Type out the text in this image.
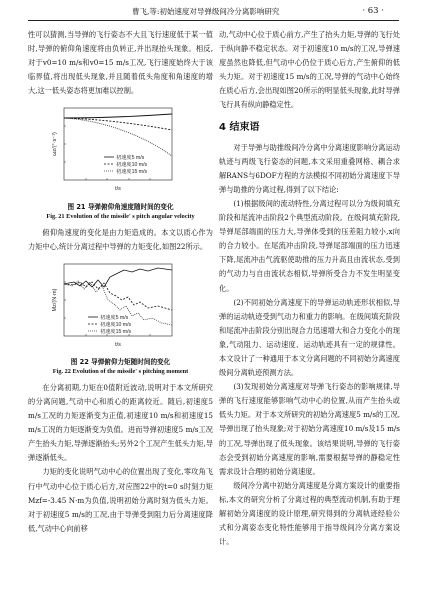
曹飞,等:初始速度对导弹级间冷分离影响研究	· 63 ·

性可以猜测,当导弹的飞行姿态不大且飞行速度低于某一值时,导弹的俯仰角速度将由负转正,并出现抬头现象。相反,对于v0=10 m/s和v0=15 m/s工况,飞行速度始终大于该临界值,将出现低头现象,并且随着低头角度和角速度的增大,这一低头姿态将更加难以控制。

初速度5 m/s
初速度10 m/s
初速度15 m/s
ωz/(°·s⁻¹)
t/s
图 21 导弹俯仰角速度随时间的变化
Fig. 21 Evolution of the missile' s pitch angular velocity

俯仰角速度的变化是由力矩造成的。本文以质心作为力矩中心,统计分离过程中导弹的力矩变化,如图22所示。

初速度5 m/s
初速度10 m/s
初速度15 m/s
Mz/(N·m)
t/s
图 22 导弹俯仰力矩随时间的变化
Fig. 22 Evolution of the missile' s pitching moment

在分离初期,力矩在0值附近波动,说明对于本文所研究的分离问题,气动中心和质心的距离较近。随后,初速度5 m/s工况的力矩逐渐变为正值,初速度10 m/s和初速度15 m/s工况的力矩逐渐变为负值。进而导弹初速度5 m/s工况产生抬头力矩,导弹逐渐抬头;另外2个工况产生低头力矩,导弹逐渐低头。

力矩的变化说明气动中心的位置出现了变化,零攻角飞行中气动中心位于质心后方,对应图22中的t=0 s时刻力矩Mzf=-3.45 N·m为负值,说明初始分离时刻为低头力矩。对于初速度5 m/s的工况,由于导弹受到阻力后分离速度降低,气动中心向前移

动,气动中心位于质心前方,产生了抬头力矩,导弹的飞行处于纵向静不稳定状态。对于初速度10 m/s的工况,导弹速度虽然也降低,但气动中心仍位于质心后方,产生俯仰的低头力矩。对于初速度15 m/s的工况,导弹的气动中心始终在质心后方,会出现如图20所示的明显低头现象,此时导弹飞行具有纵向静稳定性。

4 结束语

对于导弹与助推级间冷分离中分离速度影响分离运动轨迹与两级飞行姿态的问题,本文采用重叠网格、耦合求解RANS与6DOF方程的方法模拟不同初始分离速度下导弹与助推的分离过程,得到了以下结论:

(1)根据级间的流动特性,分离过程可以分为级间填充阶段和尾流冲击阶段2个典型流动阶段。在级间填充阶段,导弹尾部端面的压力大,导弹体受到的压差阻力较小,x向的合力较小。在尾流冲击阶段,导弹尾部端面的压力迅速下降,尾流冲击气流驱使助推的压力升高且由流状态,受到的气动力与自由流状态相似,导弹所受合力不发生明显变化。

(2)不同初始分离速度下的导弹运动轨迹形状相似,导弹的运动轨迹受到气动力和重力的影响。在级间填充阶段和尾流冲击阶段分别出现合力迅速增大和合力变化小的现象,气动阻力、运动速度、运动轨迹具有一定的规律性。本文设计了一种通用于本文分离问题的不同初始分离速度级间分离轨迹预测方法。

(3)发现初始分离速度对导弹飞行姿态的影响规律,导弹的飞行速度能够影响气动中心的位置,从而产生抬头或低头力矩。对于本文所研究的初始分离速度5 m/s的工况,导弹出现了抬头现象;对于初始分离速度10 m/s及15 m/s的工况,导弹出现了低头现象。该结果说明,导弹的飞行姿态会受到初始分离速度的影响,需要根据导弹的静稳定性需求设计合理的初始分离速度。

级间冷分离中初始分离速度是分离方案设计的重要指标,本文的研究分析了分离过程的典型流动机制,有助于理解初始分离速度的设计原理,研究得到的分离轨迹经验公式和分离姿态变化特性能够用于指导级间冷分离方案设计。
